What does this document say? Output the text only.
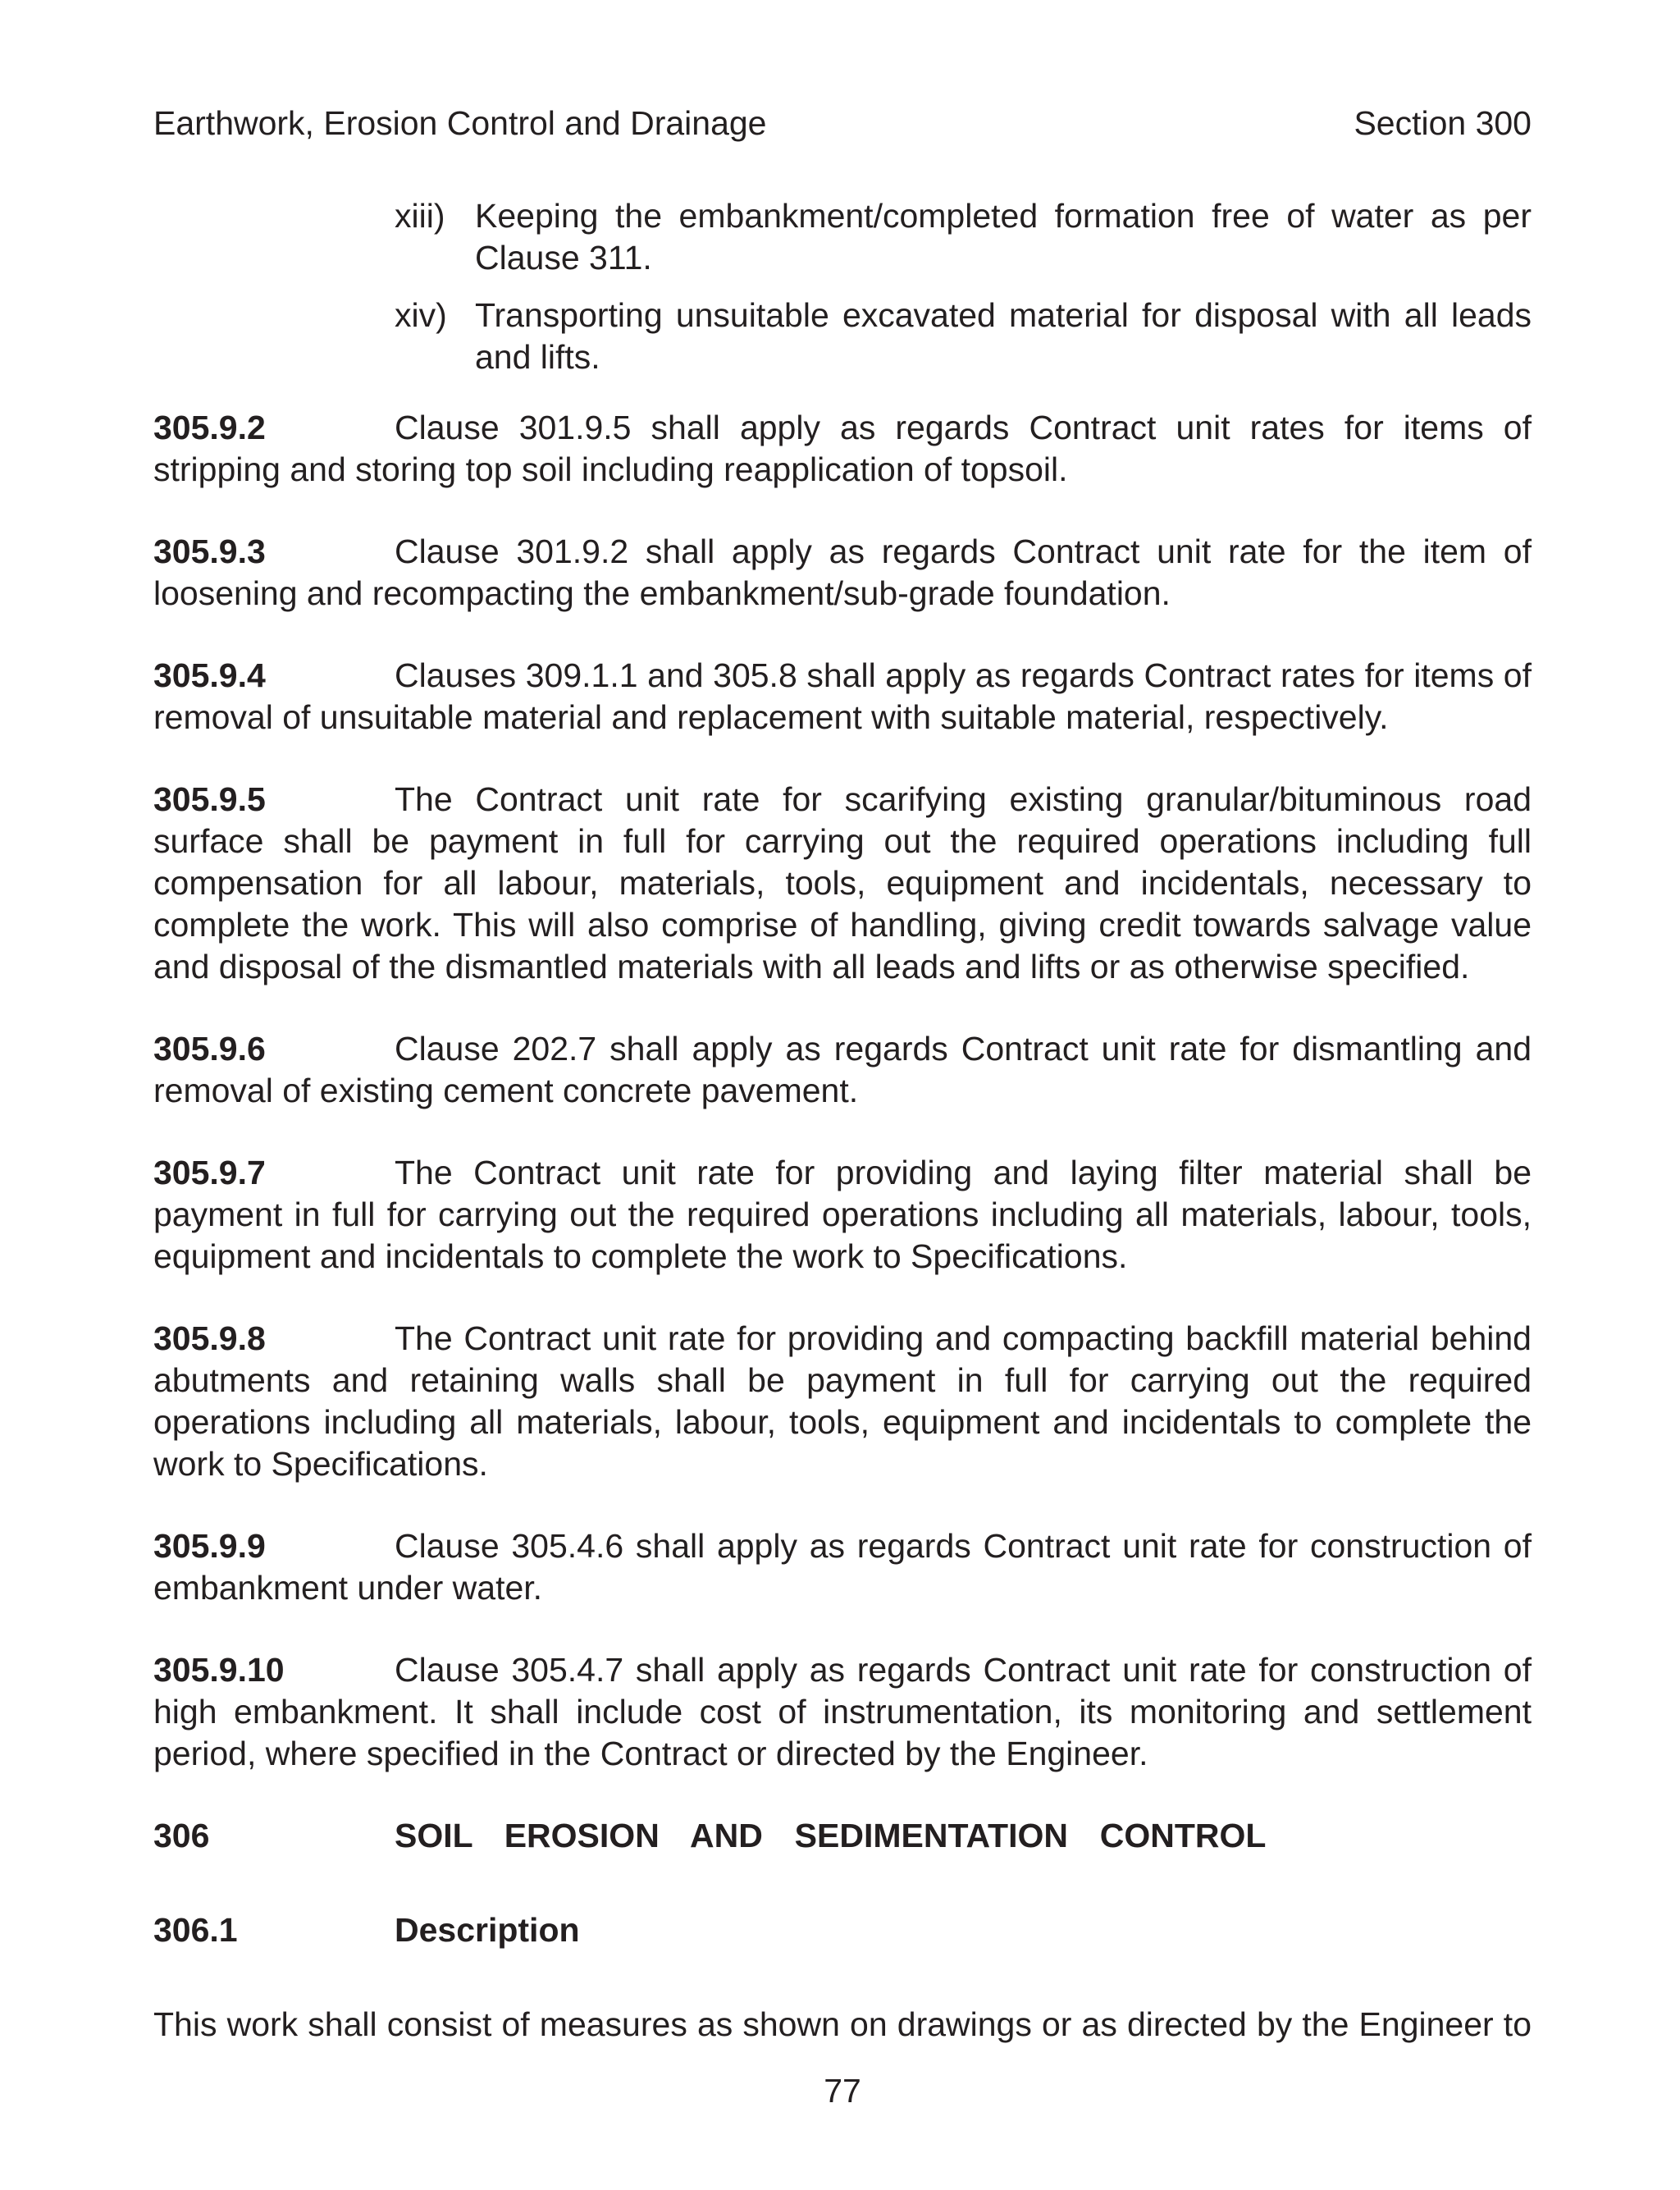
Earthwork, Erosion Control and Drainage	Section 300
xiii) Keeping the embankment/completed formation free of water as per Clause 311.
xiv) Transporting unsuitable excavated material for disposal with all leads and lifts.

305.9.2	Clause 301.9.5 shall apply as regards Contract unit rates for items of stripping and storing top soil including reapplication of topsoil.

305.9.3	Clause 301.9.2 shall apply as regards Contract unit rate for the item of loosening and recompacting the embankment/sub-grade foundation.

305.9.4	Clauses 309.1.1 and 305.8 shall apply as regards Contract rates for items of removal of unsuitable material and replacement with suitable material, respectively.

305.9.5	The Contract unit rate for scarifying existing granular/bituminous road surface shall be payment in full for carrying out the required operations including full compensation for all labour, materials, tools, equipment and incidentals, necessary to complete the work. This will also comprise of handling, giving credit towards salvage value and disposal of the dismantled materials with all leads and lifts or as otherwise specified.

305.9.6	Clause 202.7 shall apply as regards Contract unit rate for dismantling and removal of existing cement concrete pavement.

305.9.7	The Contract unit rate for providing and laying filter material shall be payment in full for carrying out the required operations including all materials, labour, tools, equipment and incidentals to complete the work to Specifications.

305.9.8	The Contract unit rate for providing and compacting backfill material behind abutments and retaining walls shall be payment in full for carrying out the required operations including all materials, labour, tools, equipment and incidentals to complete the work to Specifications.

305.9.9	Clause 305.4.6 shall apply as regards Contract unit rate for construction of embankment under water.

305.9.10	Clause 305.4.7 shall apply as regards Contract unit rate for construction of high embankment. It shall include cost of instrumentation, its monitoring and settlement period, where specified in the Contract or directed by the Engineer.

306	SOIL  EROSION  AND  SEDIMENTATION  CONTROL
306.1	Description

This work shall consist of measures as shown on drawings or as directed by the Engineer to

77
